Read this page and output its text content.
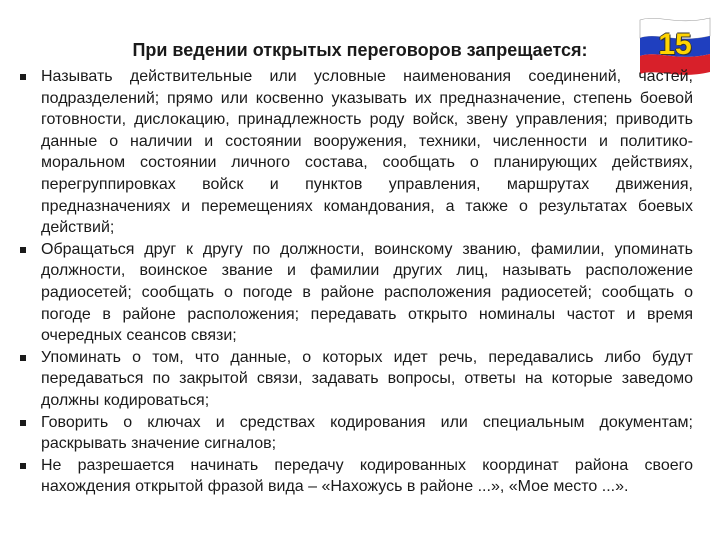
При ведении открытых переговоров запрещается:	15
Называть действительные или условные наименования соединений, частей, подразделений; прямо или косвенно указывать их предназначение, степень боевой готовности, дислокацию, принадлежность роду войск, звену управления; приводить данные о наличии и состоянии вооружения, техники, численности и политико-моральном состоянии личного состава, сообщать о планирующих действиях, перегруппировках войск и пунктов управления, маршрутах движения, предназначениях и перемещениях командования, а также о результатах боевых действий;
Обращаться друг к другу по должности, воинскому званию, фамилии, упоминать должности, воинское звание и фамилии других лиц, называть расположение радиосетей; сообщать о погоде в районе расположения радиосетей; сообщать о погоде в районе расположения; передавать открыто номиналы частот и время очередных сеансов связи;
Упоминать о том, что данные, о которых идет речь, передавались либо будут передаваться по закрытой связи, задавать вопросы, ответы на которые заведомо должны кодироваться;
Говорить о ключах и средствах кодирования или специальным документам; раскрывать значение сигналов;
Не разрешается начинать передачу кодированных координат района своего нахождения открытой фразой вида – «Нахожусь в районе ...», «Мое место ...».
